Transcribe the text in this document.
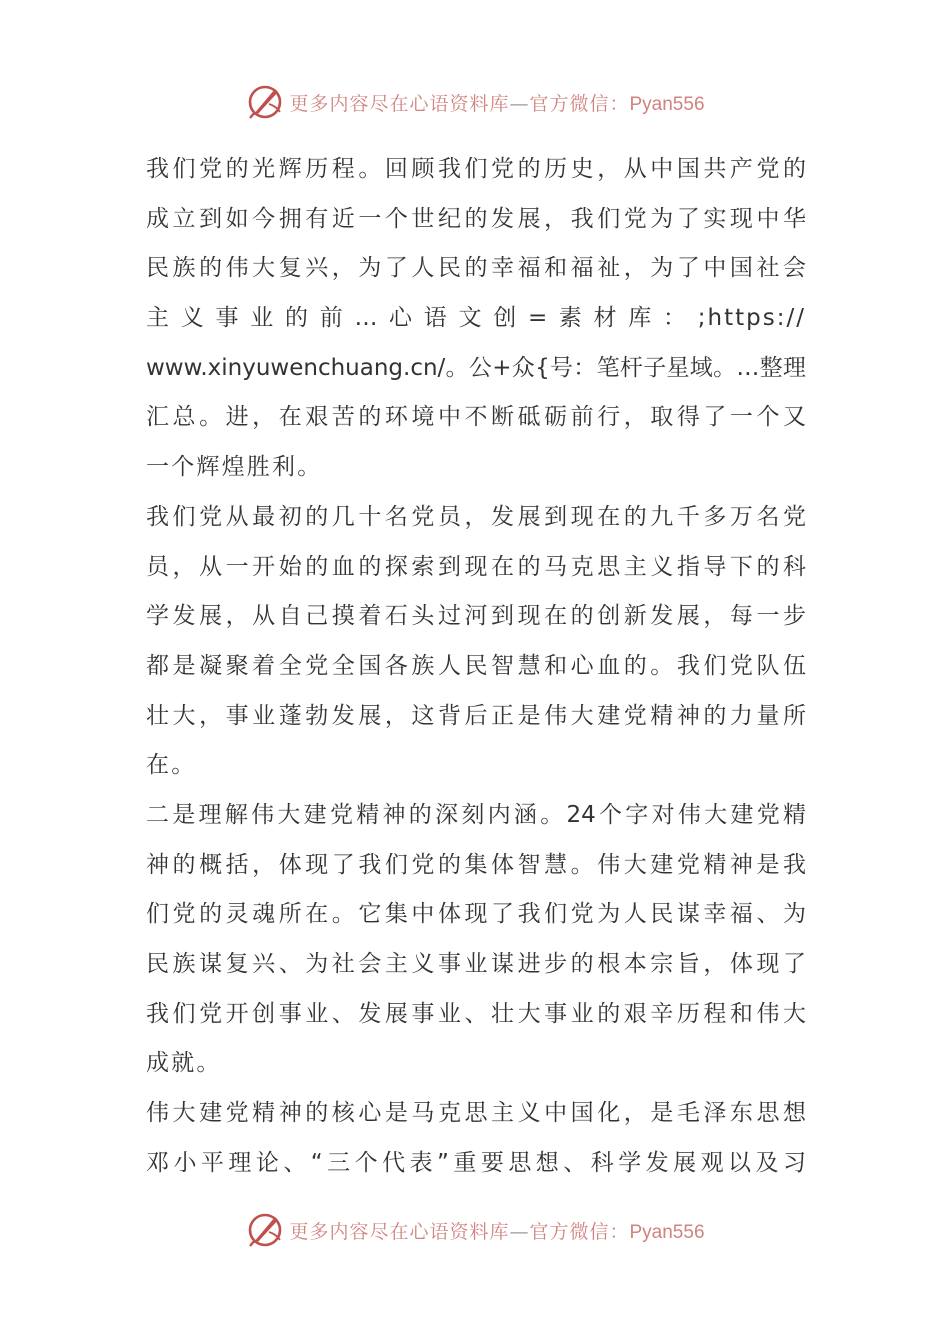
更多内容尽在心语资料库—官方微信：Pyan556
我们党的光辉历程。回顾我们党的历史，从中国共产党的
成立到如今拥有近一个世纪的发展，我们党为了实现中华
民族的伟大复兴，为了人民的幸福和福祉，为了中国社会
主 义 事 业 的 前 … 心 语 文 创 = 素 材 库 ： ;https://
www.xinyuwenchuang.cn/。公+众{号：笔杆子星域。…整理
汇总。进，在艰苦的环境中不断砥砺前行，取得了一个又
一个辉煌胜利。
我们党从最初的几十名党员，发展到现在的九千多万名党
员，从一开始的血的探索到现在的马克思主义指导下的科
学发展，从自己摸着石头过河到现在的创新发展，每一步
都是凝聚着全党全国各族人民智慧和心血的。我们党队伍
壮大，事业蓬勃发展，这背后正是伟大建党精神的力量所
在。
二是理解伟大建党精神的深刻内涵。24个字对伟大建党精
神的概括，体现了我们党的集体智慧。伟大建党精神是我
们党的灵魂所在。它集中体现了我们党为人民谋幸福、为
民族谋复兴、为社会主义事业谋进步的根本宗旨，体现了
我们党开创事业、发展事业、壮大事业的艰辛历程和伟大
成就。
伟大建党精神的核心是马克思主义中国化，是毛泽东思想
邓小平理论、“三个代表”重要思想、科学发展观以及习
更多内容尽在心语资料库—官方微信：Pyan556
